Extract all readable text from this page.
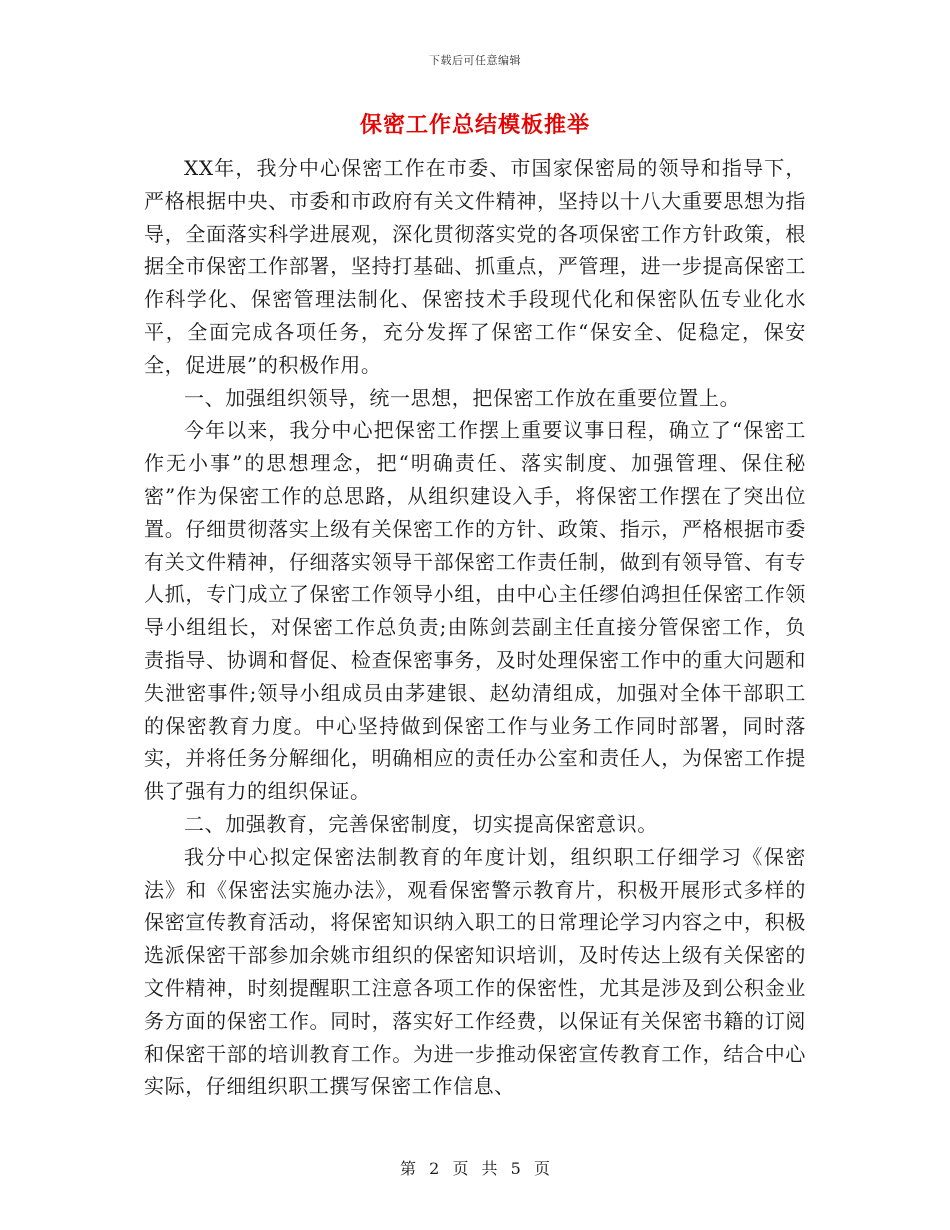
下载后可任意编辑
保密工作总结模板推举

XX年，我分中心保密工作在市委、市国家保密局的领导和指导下，严格根据中央、市委和市政府有关文件精神，坚持以十八大重要思想为指导，全面落实科学进展观，深化贯彻落实党的各项保密工作方针政策，根据全市保密工作部署，坚持打基础、抓重点，严管理，进一步提高保密工作科学化、保密管理法制化、保密技术手段现代化和保密队伍专业化水平，全面完成各项任务，充分发挥了保密工作“保安全、促稳定，保安全，促进展”的积极作用。

一、加强组织领导，统一思想，把保密工作放在重要位置上。

今年以来，我分中心把保密工作摆上重要议事日程，确立了“保密工作无小事”的思想理念，把“明确责任、落实制度、加强管理、保住秘密”作为保密工作的总思路，从组织建设入手，将保密工作摆在了突出位置。仔细贯彻落实上级有关保密工作的方针、政策、指示，严格根据市委有关文件精神，仔细落实领导干部保密工作责任制，做到有领导管、有专人抓，专门成立了保密工作领导小组，由中心主任缪伯鸿担任保密工作领导小组组长，对保密工作总负责;由陈剑芸副主任直接分管保密工作，负责指导、协调和督促、检查保密事务，及时处理保密工作中的重大问题和失泄密事件;领导小组成员由茅建银、赵幼清组成，加强对全体干部职工的保密教育力度。中心坚持做到保密工作与业务工作同时部署，同时落实，并将任务分解细化，明确相应的责任办公室和责任人，为保密工作提供了强有力的组织保证。

二、加强教育，完善保密制度，切实提高保密意识。

我分中心拟定保密法制教育的年度计划，组织职工仔细学习《保密法》和《保密法实施办法》，观看保密警示教育片，积极开展形式多样的保密宣传教育活动，将保密知识纳入职工的日常理论学习内容之中，积极选派保密干部参加余姚市组织的保密知识培训，及时传达上级有关保密的文件精神，时刻提醒职工注意各项工作的保密性，尤其是涉及到公积金业务方面的保密工作。同时，落实好工作经费，以保证有关保密书籍的订阅和保密干部的培训教育工作。为进一步推动保密宣传教育工作，结合中心实际，仔细组织职工撰写保密工作信息、

第 2 页 共 5 页
